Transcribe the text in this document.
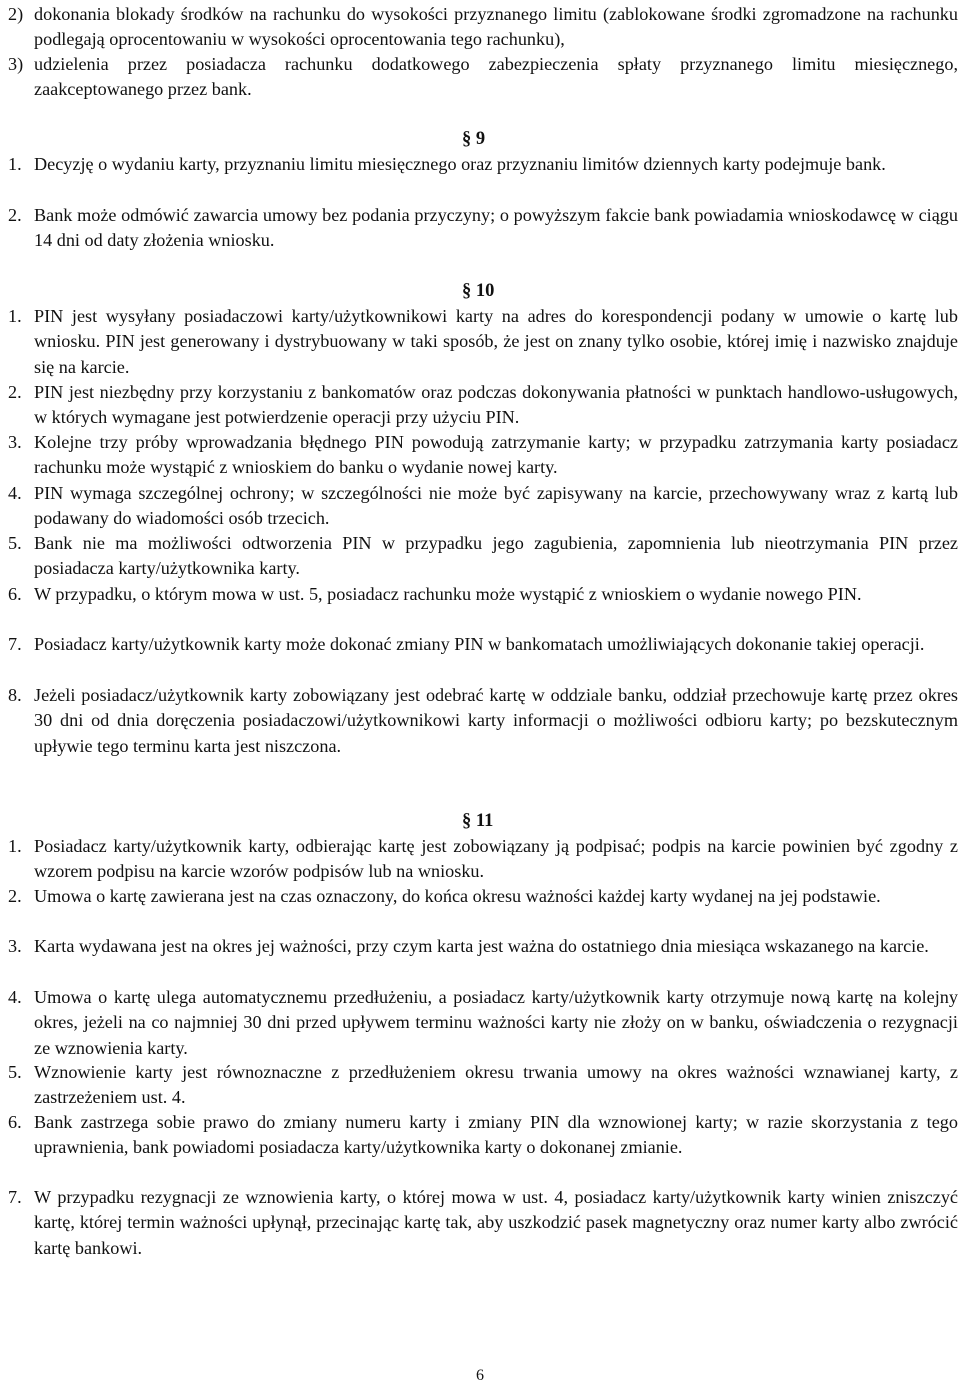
2) dokonania blokady środków na rachunku do wysokości przyznanego limitu (zablokowane środki zgromadzone na rachunku podlegają oprocentowaniu w wysokości oprocentowania tego rachunku),
3) udzielenia przez posiadacza rachunku dodatkowego zabezpieczenia spłaty przyznanego limitu miesięcznego, zaakceptowanego przez bank.
§ 9
1. Decyzję o wydaniu karty, przyznaniu limitu miesięcznego oraz przyznaniu limitów dziennych karty podejmuje bank.
2. Bank może odmówić zawarcia umowy bez podania przyczyny; o powyższym fakcie bank powiadamia wnioskodawcę w ciągu 14 dni od daty złożenia wniosku.
§ 10
1. PIN jest wysyłany posiadaczowi karty/użytkownikowi karty na adres do korespondencji podany w umowie o kartę lub wniosku. PIN jest generowany i dystrybuowany w taki sposób, że jest on znany tylko osobie, której imię i nazwisko znajduje się na karcie.
2. PIN jest niezbędny przy korzystaniu z bankomatów oraz podczas dokonywania płatności w punktach handlowo-usługowych, w których wymagane jest potwierdzenie operacji przy użyciu PIN.
3. Kolejne trzy próby wprowadzania błędnego PIN powodują zatrzymanie karty; w przypadku zatrzymania karty posiadacz rachunku może wystąpić z wnioskiem do banku o wydanie nowej karty.
4. PIN wymaga szczególnej ochrony; w szczególności nie może być zapisywany na karcie, przechowywany wraz z kartą lub podawany do wiadomości osób trzecich.
5. Bank nie ma możliwości odtworzenia PIN w przypadku jego zagubienia, zapomnienia lub nieotrzymania PIN przez posiadacza karty/użytkownika karty.
6. W przypadku, o którym mowa w ust. 5, posiadacz rachunku może wystąpić z wnioskiem o wydanie nowego PIN.
7. Posiadacz karty/użytkownik karty może dokonać zmiany PIN w bankomatach umożliwiających dokonanie takiej operacji.
8. Jeżeli posiadacz/użytkownik karty zobowiązany jest odebrać kartę w oddziale banku, oddział przechowuje kartę przez okres 30 dni od dnia doręczenia posiadaczowi/użytkownikowi karty informacji o możliwości odbioru karty; po bezskutecznym upływie tego terminu karta jest niszczona.
§ 11
1. Posiadacz karty/użytkownik karty, odbierając kartę jest zobowiązany ją podpisać; podpis na karcie powinien być zgodny z wzorem podpisu na karcie wzorów podpisów lub na wniosku.
2. Umowa o kartę zawierana jest na czas oznaczony, do końca okresu ważności każdej karty wydanej na jej podstawie.
3. Karta wydawana jest na okres jej ważności, przy czym karta jest ważna do ostatniego dnia miesiąca wskazanego na karcie.
4. Umowa o kartę ulega automatycznemu przedłużeniu, a posiadacz karty/użytkownik karty otrzymuje nową kartę na kolejny okres, jeżeli na co najmniej 30 dni przed upływem terminu ważności karty nie złoży on w banku, oświadczenia o rezygnacji ze wznowienia karty.
5. Wznowienie karty jest równoznaczne z przedłużeniem okresu trwania umowy na okres ważności wznawianej karty, z zastrzeżeniem ust. 4.
6. Bank zastrzega sobie prawo do zmiany numeru karty i zmiany PIN dla wznowionej karty; w razie skorzystania z tego uprawnienia, bank powiadomi posiadacza karty/użytkownika karty o dokonanej zmianie.
7. W przypadku rezygnacji ze wznowienia karty, o której mowa w ust. 4, posiadacz karty/użytkownik karty winien zniszczyć kartę, której termin ważności upłynął, przecinając kartę tak, aby uszkodzić pasek magnetyczny oraz numer karty albo zwrócić kartę bankowi.
6
